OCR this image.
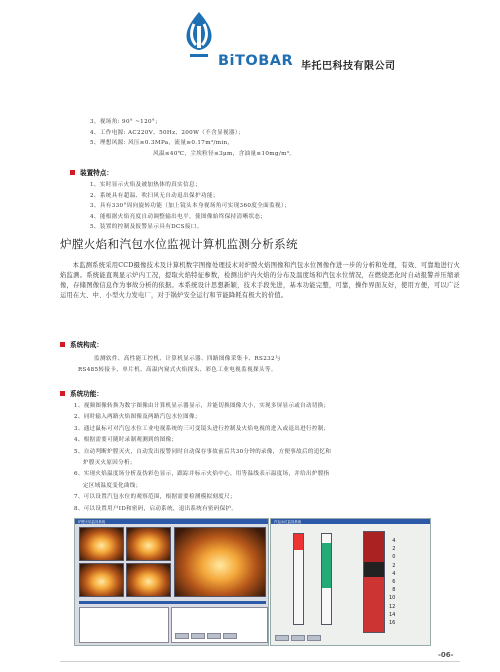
BiTOBAR 毕托巴科技有限公司
3、视场角: 90° ~120°；
4、工作电源: AC220V、50Hz、200W（不含显视器）；
5、理想风源: 风压≥0.3MPa，流量≥0.17m³/min，
风温≤40℃，尘埃粒径≤3μm，含油量≤10mg/m³。
装置特点：
1、实时显示火焰及被加热体的真实信息；
2、系统具有超温、吹扫风无自动退出保护功能；
3、具有330°周向旋转功能（加上镜头本身视场角可实现360度全面监视）；
4、能根据火焰亮度自动调整输出电平，使图像始终保持清晰状态；
5、装置的控制及报警显示具有DCS接口。
炉膛火焰和汽包水位监视计算机监测分析系统
本监测系统采用CCD摄像技术及计算机数字图像处理技术对炉膛火焰图像和汽包水位图像作进一步的分析和处理，有效、可靠地进行火焰监测。系统能直观显示炉内工况，提取火焰特征参数，检测出炉内火焰的分布及温度场和汽包水位情况，在燃烧恶化时自动报警并压缩录像，存储图像信息作为事故分析的依据。本系统设计思想新颖，技术手段先进，基本功能完整，可靠，操作界面友好，使用方便，可以广泛运用在大、中、小型火力发电厂，对于锅炉安全运行和节能降耗有极大的价值。
系统构成：
监测软件、高性能工控机、计算机显示器、四路图像采集卡、RS232与
RS485转接卡、单片机、高温内窥式火焰探头、彩色工业电视监视探头等。
系统功能：
1、视频图像转换为数字图像由计算机显示器显示，并能切换图像大小，实现多屏显示或自动切换；
2、同时输入两路火焰图像及两路汽包水位图像；
3、通过鼠标可对汽包水位工业电视系统的三可变镜头进行控制及火焰电视的进入或退出进行控制；
4、根据需要可随时录制观测到的图像；
5、自动判断炉膛灭火，自动发出报警同时自动保存事故前后共30分钟的录像，方便事故后的追忆和
炉膛灭火原因分析；
6、实现火焰温度场分析及伪彩色显示，跟踪并标示火焰中心，用等温线表示温度场，并给出炉膛指
定区域温度变化曲线；
7、可以设置汽包水位的观察范围，根据需要检测模拟刻度尺；
8、可以设置用户ID和密码，启动系统，退出系统有密码保护。
炉膛火焰监视系统	汽包水位监视系统
4
2
0
2
4
6
8
10
12
14
16
-06-
